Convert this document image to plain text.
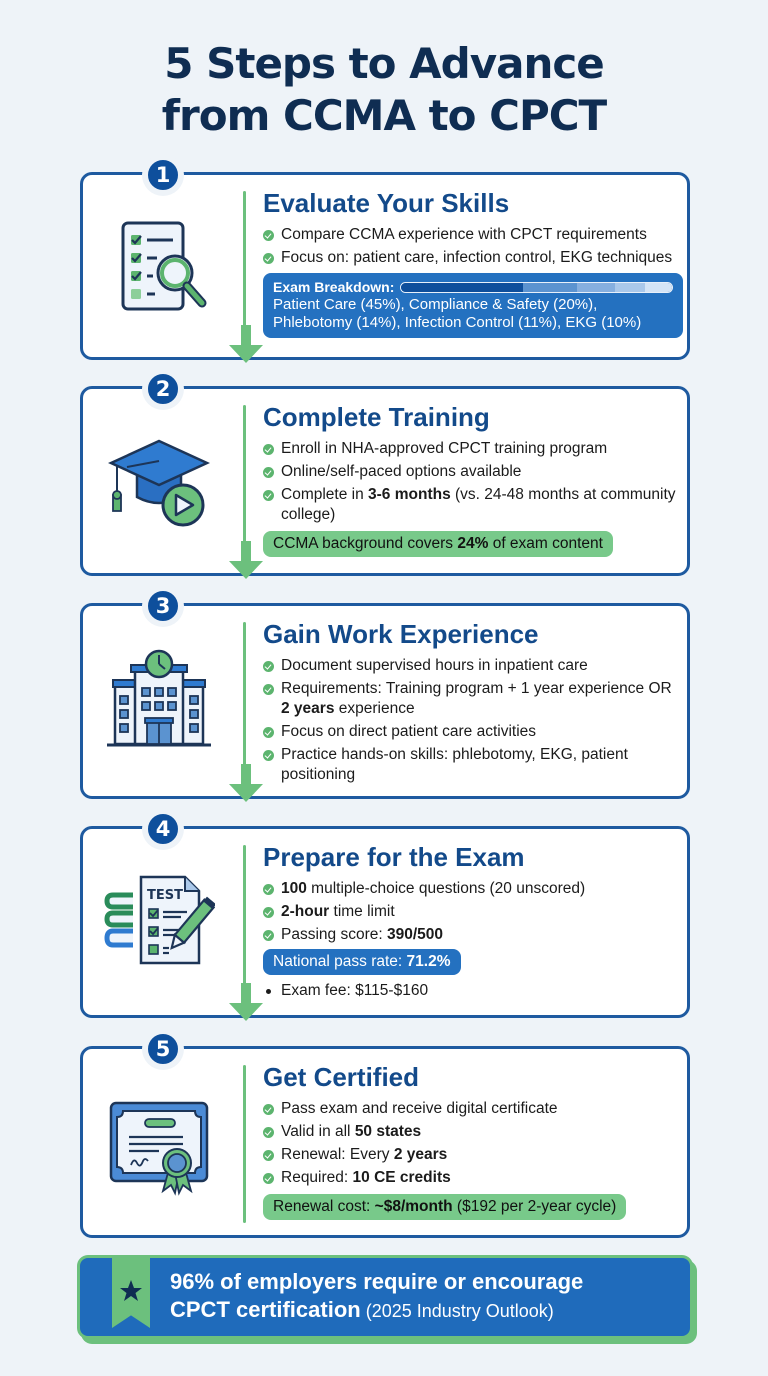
5 Steps to Advance
from CCMA to CPCT
1
Evaluate Your Skills
Compare CCMA experience with CPCT requirements
Focus on: patient care, infection control, EKG techniques
Exam Breakdown:
Patient Care (45%), Compliance & Safety (20%),
Phlebotomy (14%), Infection Control (11%), EKG (10%)
2
Complete Training
Enroll in NHA-approved CPCT training program
Online/self-paced options available
Complete in 3-6 months (vs. 24-48 months at community college)
CCMA background covers 24% of exam content
3
Gain Work Experience
Document supervised hours in inpatient care
Requirements: Training program + 1 year experience OR 2 years experience
Focus on direct patient care activities
Practice hands-on skills: phlebotomy, EKG, patient positioning
4
TEST
Prepare for the Exam
100 multiple-choice questions (20 unscored)
2-hour time limit
Passing score: 390/500
National pass rate: 71.2%
Exam fee: $115-$160
5
Get Certified
Pass exam and receive digital certificate
Valid in all 50 states
Renewal: Every 2 years
Required: 10 CE credits
Renewal cost: ~$8/month ($192 per 2-year cycle)
96% of employers require or encourage
CPCT certification (2025 Industry Outlook)
